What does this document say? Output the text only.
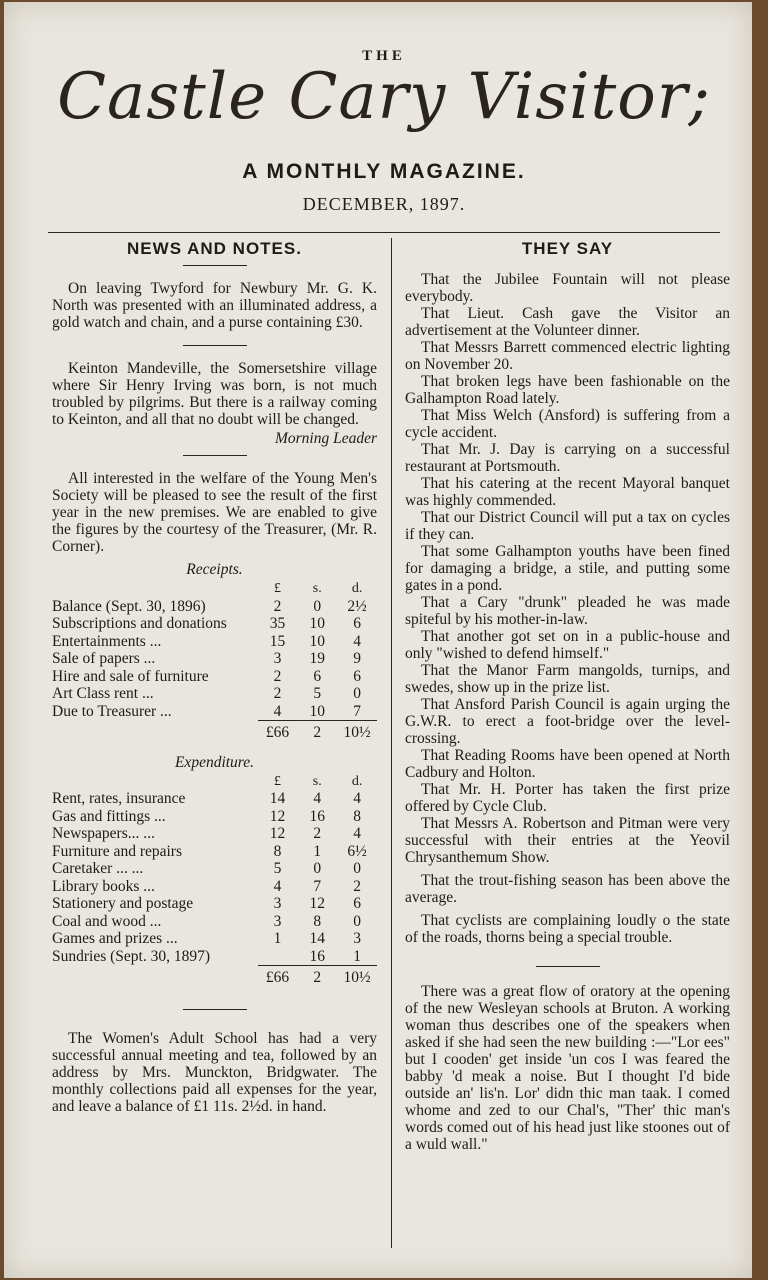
THE
Castle Cary Visitor;
A MONTHLY MAGAZINE.
DECEMBER, 1897.
NEWS AND NOTES.

On leaving Twyford for Newbury Mr. G. K. North was presented with an illuminated address, a gold watch and chain, and a purse containing £30.

Keinton Mandeville, the Somersetshire village where Sir Henry Irving was born, is not much troubled by pilgrims. But there is a railway coming to Keinton, and all that no doubt will be changed.

Morning Leader

All interested in the welfare of the Young Men's Society will be pleased to see the result of the first year in the new premises. We are enabled to give the figures by the courtesy of the Treasurer, (Mr. R. Corner).

Receipts.
	£	s.	d.
Balance (Sept. 30, 1896)	2	0	2½
Subscriptions and donations	35	10	6
Entertainments ...	15	10	4
Sale of papers ...	3	19	9
Hire and sale of furniture	2	6	6
Art Class rent ...	2	5	0
Due to Treasurer ...	4	10	7
	£66	2	10½
Expenditure.
	£	s.	d.
Rent, rates, insurance	14	4	4
Gas and fittings ...	12	16	8
Newspapers... ...	12	2	4
Furniture and repairs	8	1	6½
Caretaker ... ...	5	0	0
Library books ...	4	7	2
Stationery and postage	3	12	6
Coal and wood ...	3	8	0
Games and prizes ...	1	14	3
Sundries (Sept. 30, 1897)		16	1
	£66	2	10½

The Women's Adult School has had a very successful annual meeting and tea, followed by an address by Mrs. Munckton, Bridgwater. The monthly collections paid all expenses for the year, and leave a balance of £1 11s. 2½d. in hand.

THEY SAY

That the Jubilee Fountain will not please everybody.

That Lieut. Cash gave the Visitor an advertisement at the Volunteer dinner.

That Messrs Barrett commenced electric lighting on November 20.

That broken legs have been fashionable on the Galhampton Road lately.

That Miss Welch (Ansford) is suffering from a cycle accident.

That Mr. J. Day is carrying on a successful restaurant at Portsmouth.

That his catering at the recent Mayoral banquet was highly commended.

That our District Council will put a tax on cycles if they can.

That some Galhampton youths have been fined for damaging a bridge, a stile, and putting some gates in a pond.

That a Cary "drunk" pleaded he was made spiteful by his mother-in-law.

That another got set on in a public-house and only "wished to defend himself."

That the Manor Farm mangolds, turnips, and swedes, show up in the prize list.

That Ansford Parish Council is again urging the G.W.R. to erect a foot-bridge over the level-crossing.

That Reading Rooms have been opened at North Cadbury and Holton.

That Mr. H. Porter has taken the first prize offered by Cycle Club.

That Messrs A. Robertson and Pitman were very successful with their entries at the Yeovil Chrysanthemum Show.

That the trout-fishing season has been above the average.

That cyclists are complaining loudly o the state of the roads, thorns being a special trouble.

There was a great flow of oratory at the opening of the new Wesleyan schools at Bruton. A working woman thus describes one of the speakers when asked if she had seen the new building :—"Lor ees" but I cooden' get inside 'un cos I was feared the babby 'd meak a noise. But I thought I'd bide outside an' lis'n. Lor' didn thic man taak. I comed whome and zed to our Chal's, "Ther' thic man's words comed out of his head just like stoones out of a wuld wall."
